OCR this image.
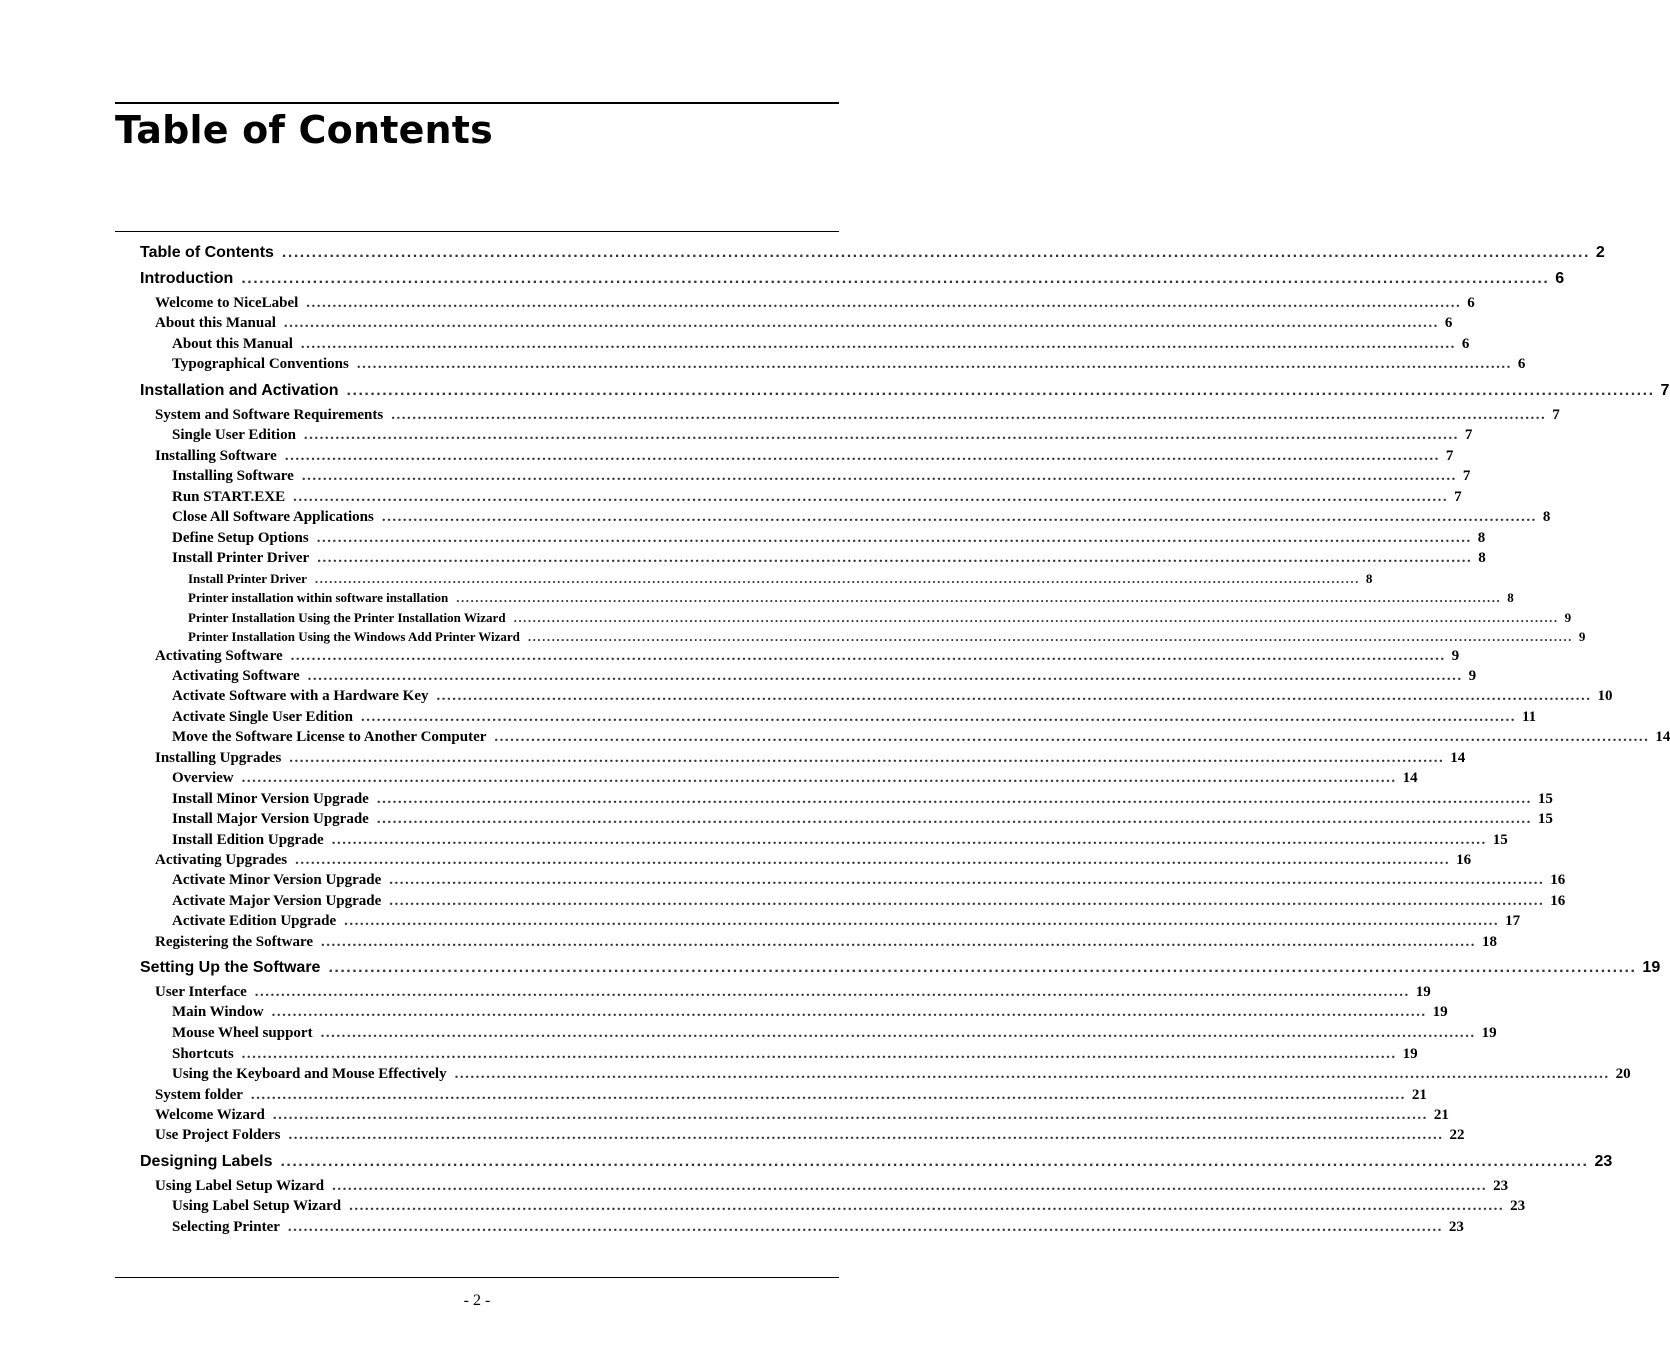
Table of Contents
Table of Contents ............................................................................................................................................................................................................................ 2
Introduction ............................................................................................................................................................................................................................ 6
Welcome to NiceLabel ............................................................................................................................................................................................................................ 6
About this Manual ............................................................................................................................................................................................................................ 6
About this Manual ............................................................................................................................................................................................................................ 6
Typographical Conventions ............................................................................................................................................................................................................................ 6
Installation and Activation ............................................................................................................................................................................................................................ 7
System and Software Requirements ............................................................................................................................................................................................................................ 7
Single User Edition ............................................................................................................................................................................................................................ 7
Installing Software ............................................................................................................................................................................................................................ 7
Installing Software ............................................................................................................................................................................................................................ 7
Run START.EXE ............................................................................................................................................................................................................................ 7
Close All Software Applications ............................................................................................................................................................................................................................ 8
Define Setup Options ............................................................................................................................................................................................................................ 8
Install Printer Driver ............................................................................................................................................................................................................................ 8
Install Printer Driver ............................................................................................................................................................................................................................ 8
Printer installation within software installation ............................................................................................................................................................................................................................ 8
Printer Installation Using the Printer Installation Wizard ............................................................................................................................................................................................................................ 9
Printer Installation Using the Windows Add Printer Wizard ............................................................................................................................................................................................................................ 9
Activating Software ............................................................................................................................................................................................................................ 9
Activating Software ............................................................................................................................................................................................................................ 9
Activate Software with a Hardware Key ............................................................................................................................................................................................................................ 10
Activate Single User Edition ............................................................................................................................................................................................................................ 11
Move the Software License to Another Computer ............................................................................................................................................................................................................................ 14
Installing Upgrades ............................................................................................................................................................................................................................ 14
Overview ............................................................................................................................................................................................................................ 14
Install Minor Version Upgrade ............................................................................................................................................................................................................................ 15
Install Major Version Upgrade ............................................................................................................................................................................................................................ 15
Install Edition Upgrade ............................................................................................................................................................................................................................ 15
Activating Upgrades ............................................................................................................................................................................................................................ 16
Activate Minor Version Upgrade ............................................................................................................................................................................................................................ 16
Activate Major Version Upgrade ............................................................................................................................................................................................................................ 16
Activate Edition Upgrade ............................................................................................................................................................................................................................ 17
Registering the Software ............................................................................................................................................................................................................................ 18
Setting Up the Software ............................................................................................................................................................................................................................ 19
User Interface ............................................................................................................................................................................................................................ 19
Main Window ............................................................................................................................................................................................................................ 19
Mouse Wheel support ............................................................................................................................................................................................................................ 19
Shortcuts ............................................................................................................................................................................................................................ 19
Using the Keyboard and Mouse Effectively ............................................................................................................................................................................................................................ 20
System folder ............................................................................................................................................................................................................................ 21
Welcome Wizard ............................................................................................................................................................................................................................ 21
Use Project Folders ............................................................................................................................................................................................................................ 22
Designing Labels ............................................................................................................................................................................................................................ 23
Using Label Setup Wizard ............................................................................................................................................................................................................................ 23
Using Label Setup Wizard ............................................................................................................................................................................................................................ 23
Selecting Printer ............................................................................................................................................................................................................................ 23
- 2 -
